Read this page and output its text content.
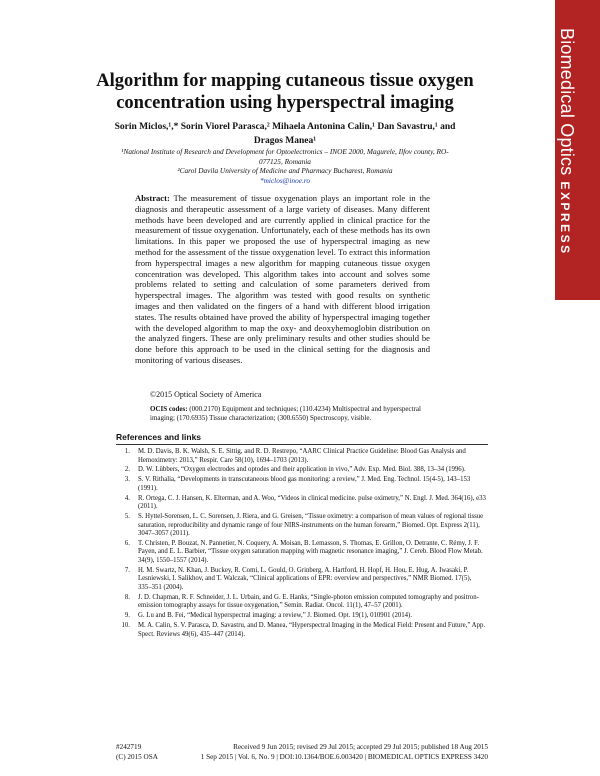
Biomedical OpticsEXPRESS
Algorithm for mapping cutaneous tissue oxygen
concentration using hyperspectral imaging
Sorin Miclos,¹,* Sorin Viorel Parasca,² Mihaela Antonina Calin,¹ Dan Savastru,¹ and
Dragos Manea¹

¹National Institute of Research and Development for Optoelectronics – INOE 2000, Magurele, Ilfov county, RO-077125, Romania

²Carol Davila University of Medicine and Pharmacy Bucharest, Romania

*miclos@inoe.ro

Abstract: The measurement of tissue oxygenation plays an important role in the diagnosis and therapeutic assessment of a large variety of diseases. Many different methods have been developed and are currently applied in clinical practice for the measurement of tissue oxygenation. Unfortunately, each of these methods has its own limitations. In this paper we proposed the use of hyperspectral imaging as new method for the assessment of the tissue oxygenation level. To extract this information from hyperspectral images a new algorithm for mapping cutaneous tissue oxygen concentration was developed. This algorithm takes into account and solves some problems related to setting and calculation of some parameters derived from hyperspectral images. The algorithm was tested with good results on synthetic images and then validated on the fingers of a hand with different blood irrigation states. The results obtained have proved the ability of hyperspectral imaging together with the developed algorithm to map the oxy- and deoxyhemoglobin distribution on the analyzed fingers. These are only preliminary results and other studies should be done before this approach to be used in the clinical setting for the diagnosis and monitoring of various diseases.
©2015 Optical Society of America
OCIS codes: (000.2170) Equipment and techniques; (110.4234) Multispectral and hyperspectral imaging; (170.6935) Tissue characterization; (300.6550) Spectroscopy, visible.
References and links
1. M. D. Davis, B. K. Walsh, S. E. Sittig, and R. D. Restrepo, “AARC Clinical Practice Guideline: Blood Gas Analysis and Hemoximetry: 2013,” Respir. Care 58(10), 1694–1703 (2013).
2. D. W. Lübbers, “Oxygen electrodes and optodes and their application in vivo,” Adv. Exp. Med. Biol. 388, 13–34 (1996).
3. S. V. Rithalia, “Developments in transcutaneous blood gas monitoring: a review,” J. Med. Eng. Technol. 15(4-5), 143–153 (1991).
4. R. Ortega, C. J. Hansen, K. Elterman, and A. Woo, “Videos in clinical medicine. pulse oximetry,” N. Engl. J. Med. 364(16), e33 (2011).
5. S. Hyttel-Sorensen, L. C. Sorensen, J. Riera, and G. Greisen, “Tissue oximetry: a comparison of mean values of regional tissue saturation, reproducibility and dynamic range of four NIRS-instruments on the human forearm,” Biomed. Opt. Express 2(11), 3047–3057 (2011).
6. T. Christen, P. Bouzat, N. Pannetier, N. Coquery, A. Moisan, B. Lemasson, S. Thomas, E. Grillon, O. Detrante, C. Rémy, J. F. Payen, and E. L. Barbier, “Tissue oxygen saturation mapping with magnetic resonance imaging,” J. Cereb. Blood Flow Metab. 34(9), 1550–1557 (2014).
7. H. M. Swartz, N. Khan, J. Buckey, R. Comi, L. Gould, O. Grinberg, A. Hartford, H. Hopf, H. Hou, E. Hug, A. Iwasaki, P. Lesniewski, I. Salikhov, and T. Walczak, “Clinical applications of EPR: overview and perspectives,” NMR Biomed. 17(5), 335–351 (2004).
8. J. D. Chapman, R. F. Schneider, J. L. Urbain, and G. E. Hanks, “Single-photon emission computed tomography and positron-emission tomography assays for tissue oxygenation,” Semin. Radiat. Oncol. 11(1), 47–57 (2001).
9. G. Lu and B. Fei, “Medical hyperspectral imaging: a review,” J. Biomed. Opt. 19(1), 010901 (2014).
10. M. A. Calin, S. V. Parasca, D. Savastru, and D. Manea, “Hyperspectral Imaging in the Medical Field: Present and Future,” App. Spect. Reviews 49(6), 435–447 (2014).
#242719	Received 9 Jun 2015; revised 29 Jul 2015; accepted 29 Jul 2015; published 18 Aug 2015
(C) 2015 OSA	1 Sep 2015 | Vol. 6, No. 9 | DOI:10.1364/BOE.6.003420 | BIOMEDICAL OPTICS EXPRESS 3420
